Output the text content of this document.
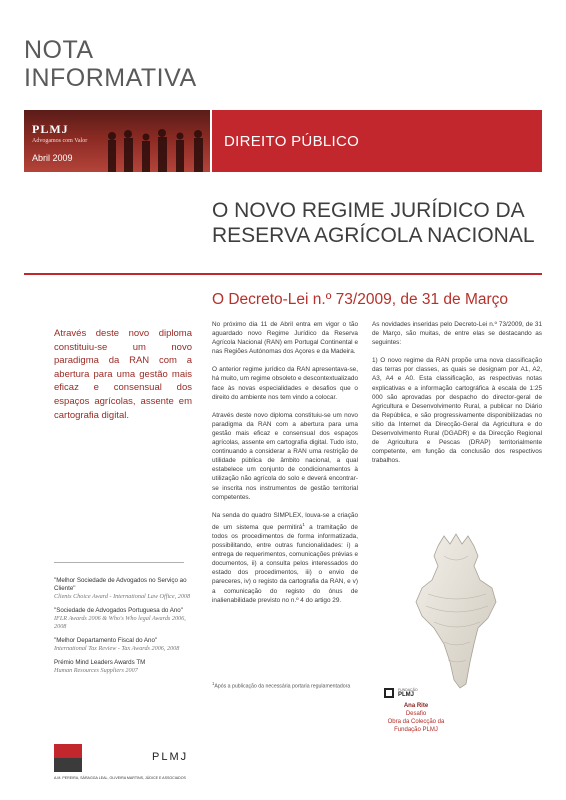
NOTA
INFORMATIVA
PLMJ
Advogamos com Valor
Abril 2009
DIREITO PÚBLICO
O NOVO REGIME JURÍDICO DA
RESERVA AGRÍCOLA NACIONAL
O Decreto-Lei n.º 73/2009, de 31 de Março
Através deste novo diploma constituiu-se um novo paradigma da RAN com a abertura para uma gestão mais eficaz e consensual dos espaços agrícolas, assente em cartografia digital.

No próximo dia 11 de Abril entra em vigor o tão aguardado novo Regime Jurídico da Reserva Agrícola Nacional (RAN) em Portugal Continental e nas Regiões Autónomas dos Açores e da Madeira.

O anterior regime jurídico da RAN apresentava-se, há muito, um regime obsoleto e descontextualizado face às novas especialidades e desafios que o direito do ambiente nos tem vindo a colocar.

Através deste novo diploma constituiu-se um novo paradigma da RAN com a abertura para uma gestão mais eficaz e consensual dos espaços agrícolas, assente em cartografia digital. Tudo isto, continuando a considerar a RAN uma restrição de utilidade pública de âmbito nacional, a qual estabelece um conjunto de condicionamentos à utilização não agrícola do solo e deverá encontrar-se inscrita nos instrumentos de gestão territorial competentes.

Na senda do quadro SIMPLEX, louva-se a criação de um sistema que permitirá$^1$ a tramitação de todos os procedimentos de forma informatizada, possibilitando, entre outras funcionalidades: i) a entrega de requerimentos, comunicações prévias e documentos, ii) a consulta pelos interessados do estado dos procedimentos, iii) o envio de pareceres, iv) o registo da cartografia da RAN, e v) a comunicação do registo do ónus de inalienabilidade previsto no n.º 4 do artigo 29.

$^1$Após a publicação da necessária portaria regulamentadora

As novidades inseridas pelo Decreto-Lei n.º 73/2009, de 31 de Março, são muitas, de entre elas se destacando as seguintes:

1) O novo regime da RAN propõe uma nova classificação das terras por classes, as quais se designam por A1, A2, A3, A4 e A0. Esta classificação, as respectivas notas explicativas e a informação cartográfica à escala de 1:25 000 são aprovadas por despacho do director-geral de Agricultura e Desenvolvimento Rural, a publicar no Diário da República, e são progressivamente disponibilizadas no sítio da Internet da Direcção-Geral da Agricultura e do Desenvolvimento Rural (DGADR) e da Direcção Regional de Agricultura e Pescas (DRAP) territorialmente competente, em função da conclusão dos respectivos trabalhos.

"Melhor Sociedade de Advogados no Serviço ao Cliente"
Clients Choice Award - International Law Office, 2008
"Sociedade de Advogados Portuguesa do Ano"
IFLR Awards 2006 & Who's Who legal Awards 2006, 2008
"Melhor Departamento Fiscal do Ano"
International Tax Review - Tax Awards 2006, 2008
Prémio Mind Leaders Awards TM
Human Resources Suppliers 2007
PLMJ
A.M. PEREIRA, SÁRAGGA LEAL, OLIVEIRA MARTINS, JÚDICE E ASSOCIADOS
FUNDAÇÃO
PLMJ
Ana Rite
Desafio
Obra da Colecção da Fundação PLMJ
